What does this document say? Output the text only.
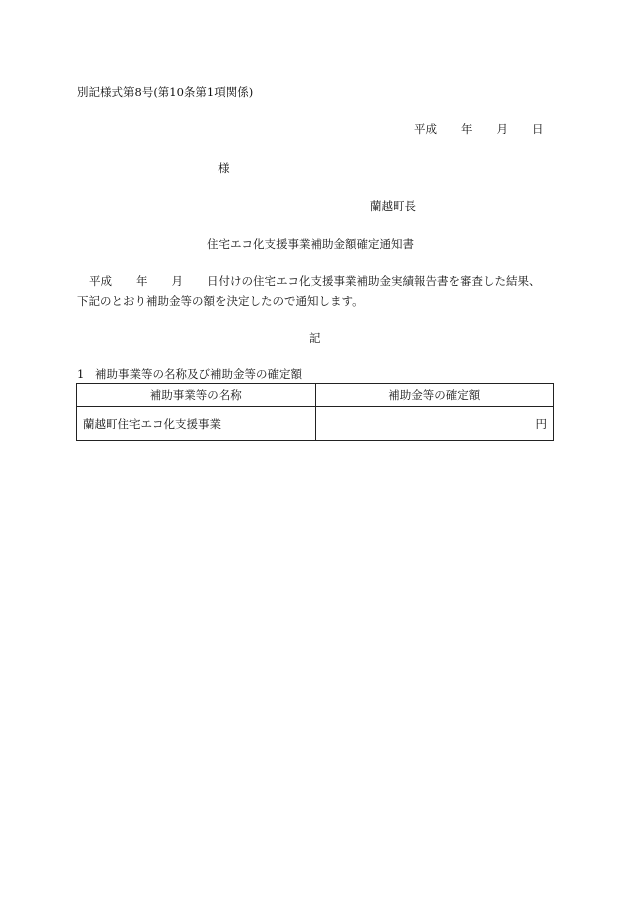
別記様式第8号(第10条第1項関係)
平成 年 月 日
様
蘭越町長
住宅エコ化支援事業補助金額確定通知書
平成 年 月 日付けの住宅エコ化支援事業補助金実績報告書を審査した結果、
下記のとおり補助金等の額を決定したので通知します。
記
1 補助事業等の名称及び補助金等の確定額
補助事業等の名称	補助金等の確定額
蘭越町住宅エコ化支援事業	円
